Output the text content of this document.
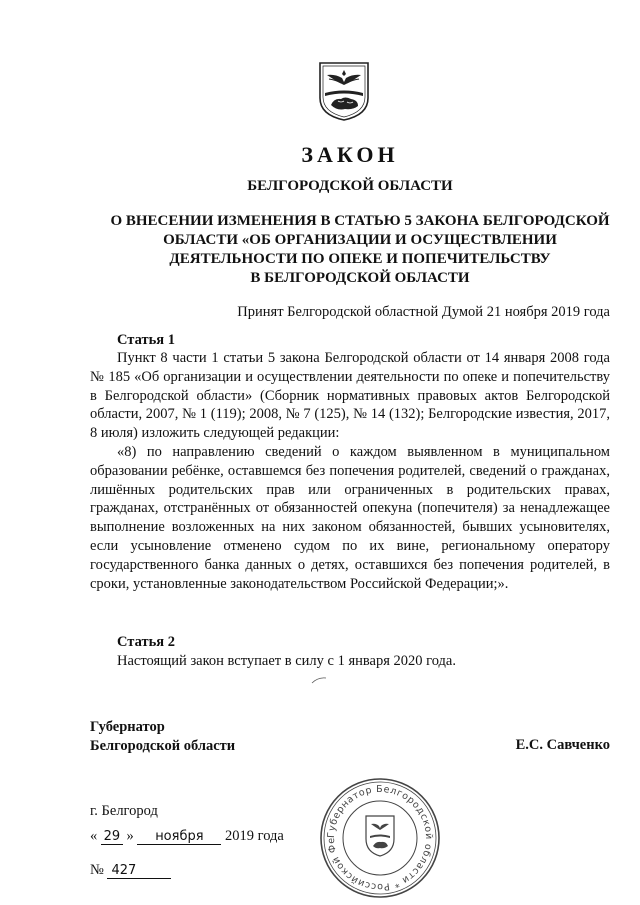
ЗАКОН
БЕЛГОРОДСКОЙ ОБЛАСТИ
О ВНЕСЕНИИ ИЗМЕНЕНИЯ В СТАТЬЮ 5 ЗАКОНА БЕЛГОРОДСКОЙ
ОБЛАСТИ «ОБ ОРГАНИЗАЦИИ И ОСУЩЕСТВЛЕНИИ
ДЕЯТЕЛЬНОСТИ ПО ОПЕКЕ И ПОПЕЧИТЕЛЬСТВУ
В БЕЛГОРОДСКОЙ ОБЛАСТИ
Принят Белгородской областной Думой 21 ноября 2019 года
Статья 1

Пункт 8 части 1 статьи 5 закона Белгородской области от 14 января 2008 года № 185 «Об организации и осуществлении деятельности по опеке и попечительству в Белгородской области» (Сборник нормативных правовых актов Белгородской области, 2007, № 1 (119); 2008, № 7 (125), № 14 (132); Белгородские известия, 2017, 8 июля) изложить следующей редакции:

«8) по направлению сведений о каждом выявленном в муниципальном образовании ребёнке, оставшемся без попечения родителей, сведений о гражданах, лишённых родительских прав или ограниченных в родительских правах, гражданах, отстранённых от обязанностей опекуна (попечителя) за ненадлежащее выполнение возложенных на них законом обязанностей, бывших усыновителях, если усыновление отменено судом по их вине, региональному оператору государственного банка данных о детях, оставшихся без попечения родителей, в сроки, установленные законодательством Российской Федерации;».

Статья 2

Настоящий закон вступает в силу с 1 января 2020 года.

Губернатор
Белгородской области	Е.С. Савченко
г. Белгород
« 29 » ноября 2019 года
№ 427
Губернатор Белгородской области * Российской Фе
